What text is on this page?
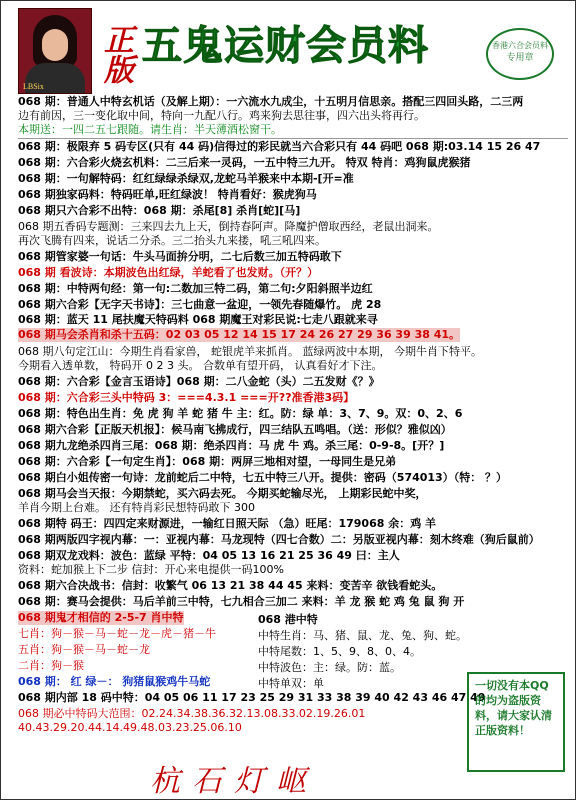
LBSix
正版 五鬼运财会员料	香港六合会员料
专用章
068 期：普通人中特玄机话（及解上期）：一六流水九成尘，十五明月信思亲。搭配三四回头路，二三两
边有前因，三一变化取中间，特向一九配八行。鸡来狗去思往事，四六出头将再行。
本期送：一四二五七跟随。请生肖：半天薄酒松窗干。
068 期：极限弃 5 码专区(只有 44 码)信得过的彩民就当六合彩只有 44 码吧 068 期:03.14 15 26 47
068 期：六合彩火烧玄机料：二三后来一灵码，一五中特三九开。 特双 特肖：鸡狗鼠虎猴猪
068 期：一句解特码：红红绿绿杀绿双,龙蛇马羊猴来中本期-[开=准
068 期独家码料：特码旺单,旺红绿波！ 特肖看好：猴虎狗马
068 期只六合彩不出特：068 期：杀尾[8] 杀肖[蛇][马]
068 期五香码专题测：三来四去九上天，倒持春阿声。降魔护僧取西经，老鼠出洞来。
再次飞腾有四来，说话二分杀。三二抬头九来搂，吼三吼四来。
068 期管家婆一句话：牛头马面拚分明，二七后数三加五特码敢下
068 期 看波诗：本期波色出红绿，羊蛇看了也发财。（开？）
068 期：中特两句经：第一句:二数加三特二码，第二句:夕阳斜照半边红
068 期六合彩【无字天书诗】：三七曲意一盆迎，一领先春随爆竹。 虎 28
068 期：蓝天 11 尾扶魔天特码料 068 期魔王对彩民说:七走八跟就来寻
068 期马会杀肖和杀十五码：02 03 05 12 14 15 17 24 26 27 29 36 39 38 41。
068 期八句定江山：今期生肖看家兽， 蛇银虎羊来抓肖。 蓝绿两波中本期， 今期牛肖下特平。
今期看入透单数， 特码开 0 2 3 头。 合数单有望开码， 认真看好才下注。
068 期：六合彩【金言玉语诗】068 期：二八金蛇（头）二五发财《？》
068 期：六合彩三头中特码 3：===4.3.1 ===开??准香港3码】
068 期：特色出生肖：免 虎 狗 羊 蛇 猪 牛 主：红。防：绿 单：3、7、9。双：0、2、6
068 期六合彩【正版天机报】：候马南飞拂成行，四三结队五鸣唱。（送：形似？雅似凶）
068 期九龙绝杀四肖三尾：068 期：绝杀四肖：马 虎 牛 鸡。杀三尾：0-9-8。[开？]
068 期：六合彩【一句定生肖】：068 期：两屏三地相对望，一母同生是兄弟
068 期白小姐传密一句诗：龙前蛇后二中特，七五中特三八开。提供：密码（574013）（特： ？）
068 期马会当天报：今期禁蛇，买六码去死。 今期买蛇输尽光， 上期彩民蛇中奖，
羊肖今期上台难。 还有特肖彩民想特码敢下 300
068 期特 码王：四四定来财源进，一输红日照天际 （急）旺尾：179068 余：鸡 羊
068 期两版四字视内幕：一：亚视内幕：马龙现特（四七合数）二：另版亚视内幕：刻木终难（狗后鼠前）
068 期双龙戏料：波色：蓝绿 平特：04 05 13 16 21 25 36 49 曰：主人
资料：蛇加猴上下二步 信封：开心来电提供一码100%
068 期六合决战书：信封：收繁气 06 13 21 38 44 45 来料：变苦辛 欲钱看蛇头。
068 期：赛马会提供：马后羊前三中特，七九相合三加二 来料：羊 龙 猴 蛇 鸡 兔 鼠 狗 开
068 期鬼才相信的 2-5-7 肖中特
七肖：狗－猴－马－蛇－龙－虎－猪－牛
五肖：狗－猴－马－蛇－龙
二肖：狗－猴
068 期： 红 绿－： 狗猪鼠猴鸡牛马蛇
068 期内部 18 码中特：04 05 06 11 17 23 25 29 31 33 38 39 40 42 43 46 47 49
068 期必中特码大范围：02.24.34.38.36.32.13.08.33.02.19.26.01
40.43.29.20.44.14.49.48.03.23.25.06.10
068 港中特
中特生肖：马、猪、鼠、龙、兔、狗、蛇。
中特尾数：1、5、9、8、0、4。
中特波色：主：绿。防：蓝。
中特单双：单	一切没有本QQ 的均为盗版资料，请大家认清正版资料！
杭石灯岖
